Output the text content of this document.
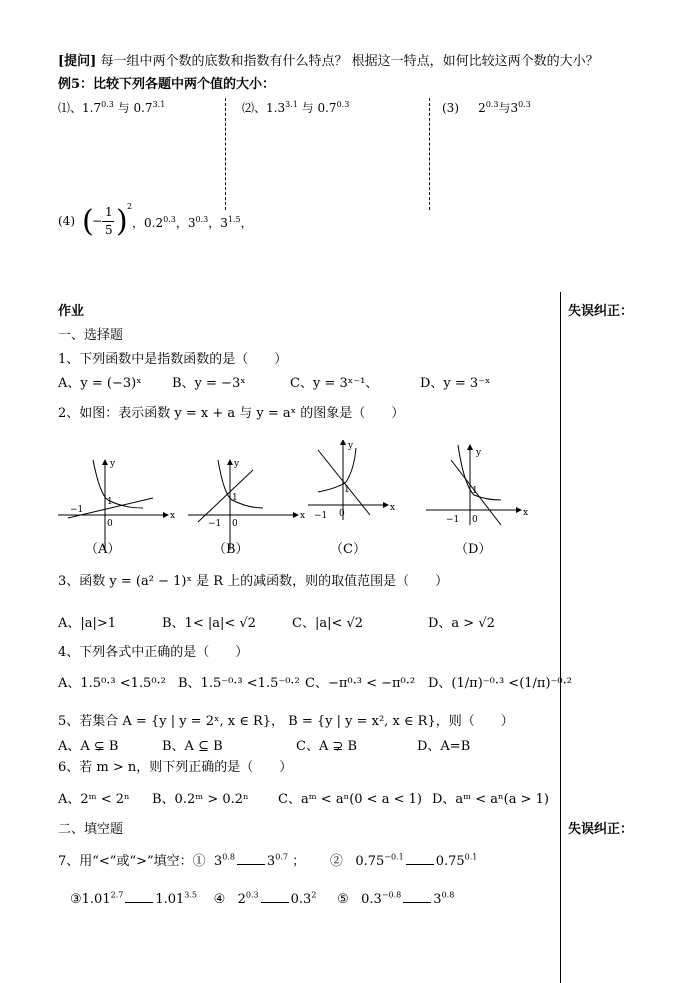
[提问] 每一组中两个数的底数和指数有什么特点？ 根据这一特点，如何比较这两个数的大小？
例5：比较下列各题中两个值的大小：
⑴、$1.7^{0.3}$ 与 $0.7^{3.1}$	⑵、$1.3^{3.1}$ 与 $0.7^{0.3}$	(3) $2^{0.3}$与$3^{0.3}$
(4) (
−
1
5 ) 2
，$0.2^{0.3}$，$3^{0.3}$，$3^{1.5}$，
失误纠正：
失误纠正：
作业
一、选择题
1、下列函数中是指数函数的是（　　）
A、y = (−3)ˣ B、y = −3ˣ	C、y = 3ˣ⁻¹、	D、y = 3⁻ˣ
2、如图：表示函数 y = x + a 与 y = aˣ 的图象是（　　）
y
x
−1
0
1
y
x
−1 0
1
y
x
−1 0
1
y
x
−1 0
1
（A）	（B）	（C）	（D）
3、函数 y = (a² − 1)ˣ 是 R 上的减函数，则的取值范围是（　　）
A、|a|>1	B、1< |a|< √2	C、|a|< √2	D、a > √2
4、下列各式中正确的是（　　）
A、1.5⁰·³ <1.5⁰·² B、1.5⁻⁰·³ <1.5⁻⁰·² C、−π⁰·³ < −π⁰·² D、(1/π)⁻⁰·³ <(1/π)⁻⁰·²
5、若集合 A = {y | y = 2ˣ, x ∈ R}， B = {y | y = x², x ∈ R}，则（　　）
A、A ⊊ B	B、A ⊆ B	C、A ⊋ B	D、A=B
6、若 m > n，则下列正确的是（　　）
A、2ᵐ < 2ⁿ B、0.2ᵐ > 0.2ⁿ C、aᵐ < aⁿ(0 < a < 1) D、aᵐ < aⁿ(a > 1)
二、填空题
7、用“<”或“>”填空：① $3^{0.8}$ $3^{0.7}$ ； ② $0.75^{-0.1}$ $0.75^{0.1}$
$③1.01^{2.7}$ $1.01^{3.5}$ ④ $2^{0.3}$ $0.3^2$ ⑤ $0.3^{-0.8}$ $3^{0.8}$
